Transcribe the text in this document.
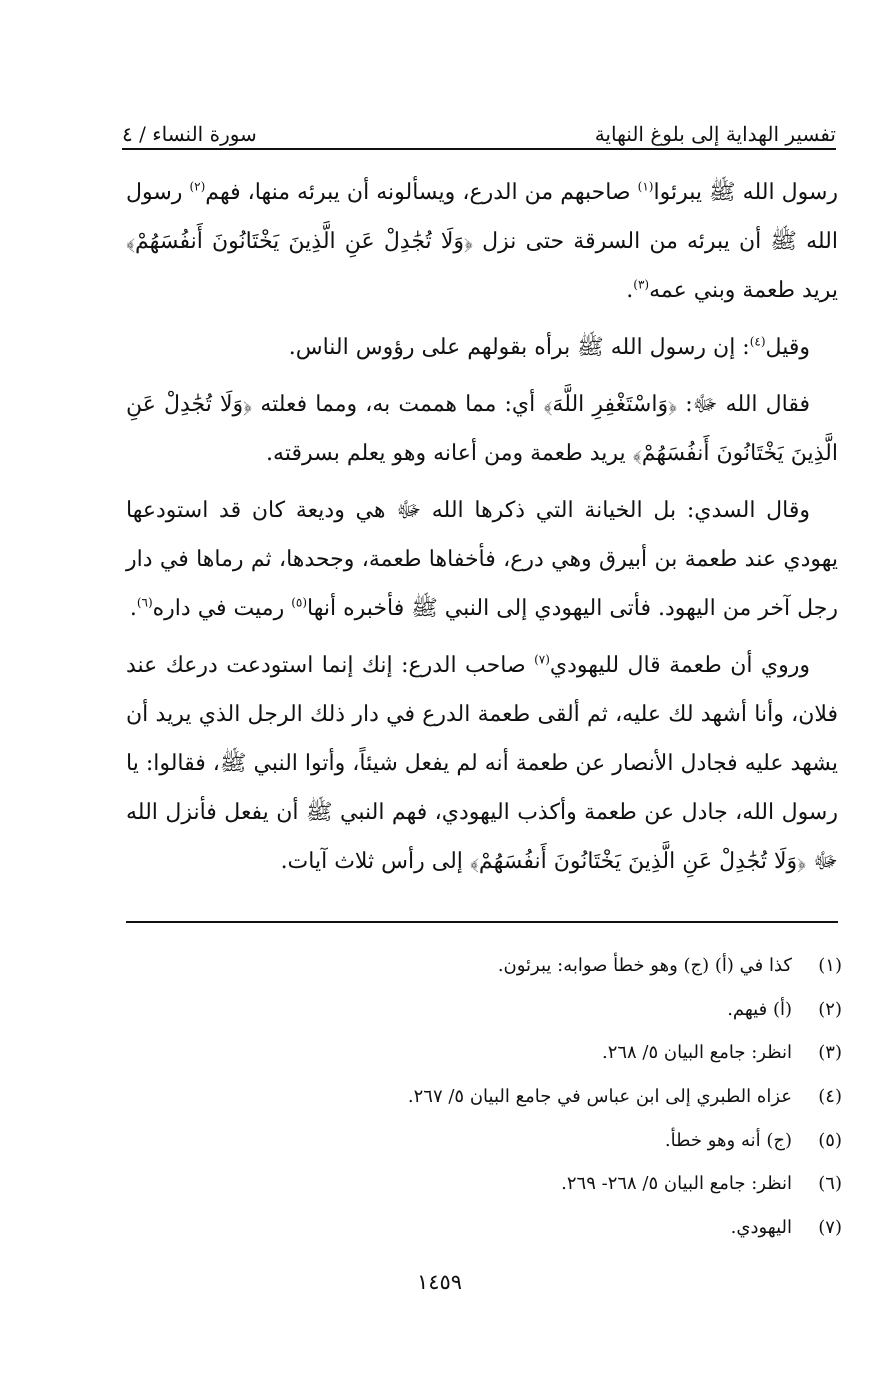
تفسير الهداية إلى بلوغ النهاية
سورة النساء / ٤

رسول الله ﷺ يبرئوا$^{(١)}$ صاحبهم من الدرع، ويسألونه أن يبرئه منها، فهم$^{(٢)}$ رسول الله ﷺ أن يبرئه من السرقة حتى نزل ﴿وَلَا تُجَٰدِلْ عَنِ الَّذِينَ يَخْتَانُونَ أَنفُسَهُمْ﴾ يريد طعمة وبني عمه$^{(٣)}$.

وقيل$^{(٤)}$: إن رسول الله ﷺ برأه بقولهم على رؤوس الناس.

فقال الله ﷻ: ﴿وَاسْتَغْفِرِ اللَّهَ﴾ أي: مما هممت به، ومما فعلته ﴿وَلَا تُجَٰدِلْ عَنِ الَّذِينَ يَخْتَانُونَ أَنفُسَهُمْ﴾ يريد طعمة ومن أعانه وهو يعلم بسرقته.

وقال السدي: بل الخيانة التي ذكرها الله ﷻ هي وديعة كان قد استودعها يهودي عند طعمة بن أبيرق وهي درع، فأخفاها طعمة، وجحدها، ثم رماها في دار رجل آخر من اليهود. فأتى اليهودي إلى النبي ﷺ فأخبره أنها$^{(٥)}$ رميت في داره$^{(٦)}$.

وروي أن طعمة قال لليهودي$^{(٧)}$ صاحب الدرع: إنك إنما استودعت درعك عند فلان، وأنا أشهد لك عليه، ثم ألقى طعمة الدرع في دار ذلك الرجل الذي يريد أن يشهد عليه فجادل الأنصار عن طعمة أنه لم يفعل شيئاً، وأتوا النبي ﷺ، فقالوا: يا رسول الله، جادل عن طعمة وأكذب اليهودي، فهم النبي ﷺ أن يفعل فأنزل الله ﷻ ﴿وَلَا تُجَٰدِلْ عَنِ الَّذِينَ يَخْتَانُونَ أَنفُسَهُمْ﴾ إلى رأس ثلاث آيات.

(١)
كذا في (أ) (ج) وهو خطأ صوابه: يبرئون.
(٢)
(أ) فيهم.
(٣)
انظر: جامع البيان ٥/ ٢٦٨.
(٤)
عزاه الطبري إلى ابن عباس في جامع البيان ٥/ ٢٦٧.
(٥)
(ج) أنه وهو خطأ.
(٦)
انظر: جامع البيان ٥/ ٢٦٨- ٢٦٩.
(٧)
اليهودي.
١٤٥٩
